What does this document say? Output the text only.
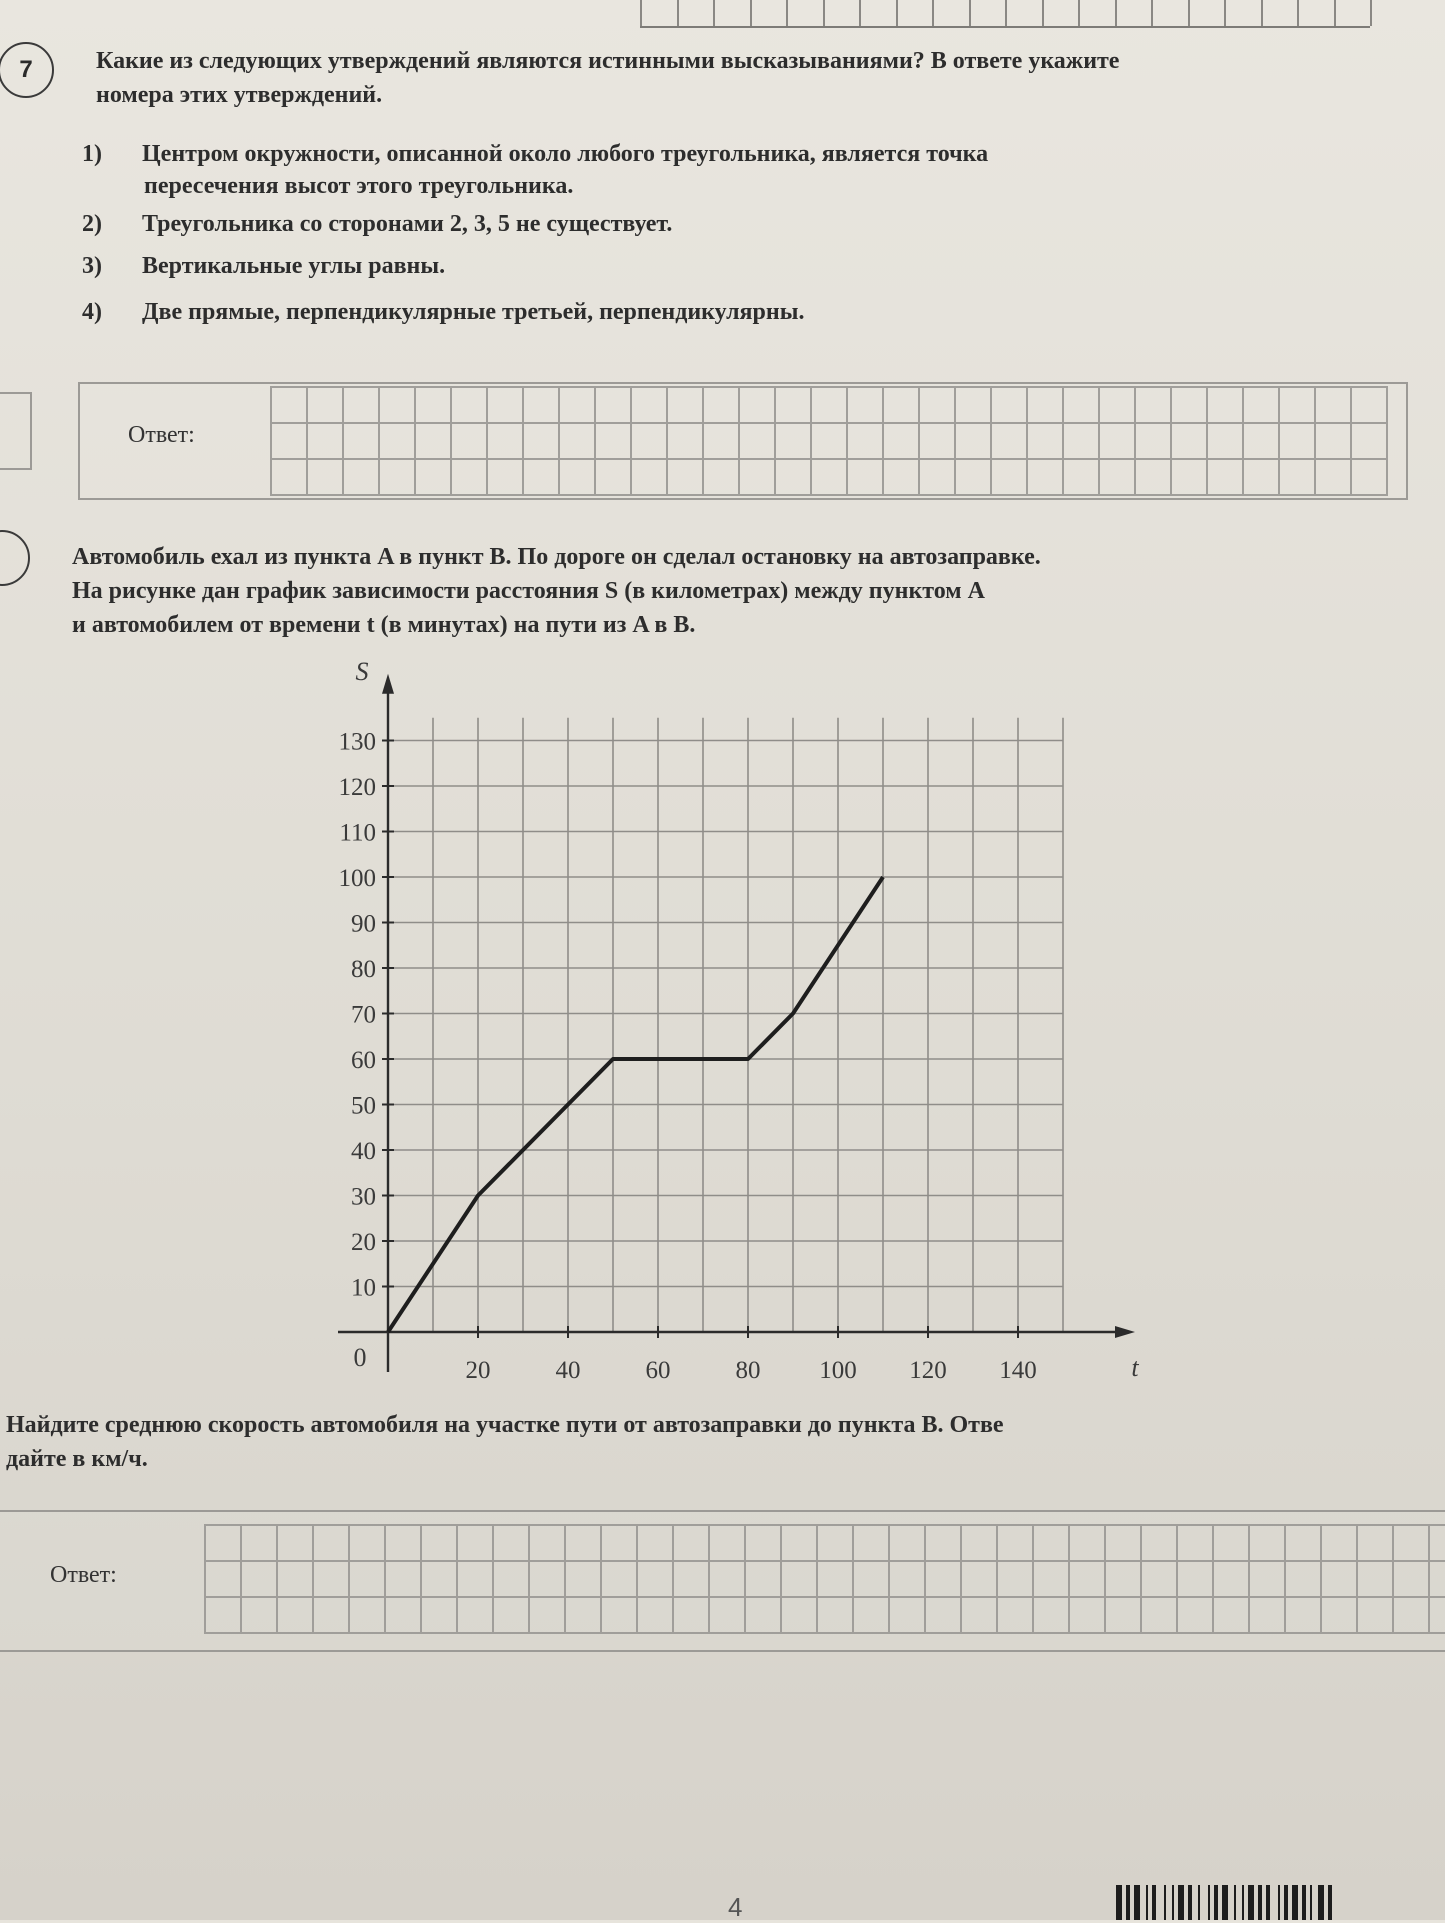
7	Какие из следующих утверждений являются истинными высказываниями? В ответе укажите
номера этих утверждений.
1) Центром окружности, описанной около любого треугольника, является точка
пересечения высот этого треугольника.
2) Треугольника со сторонами 2, 3, 5 не существует.
3) Вертикальные углы равны.
4) Две прямые, перпендикулярные третьей, перпендикулярны.
Ответ:
Автомобиль ехал из пункта A в пункт B. По дороге он сделал остановку на автозаправке.
На рисунке дан график зависимости расстояния S (в километрах) между пунктом A
и автомобилем от времени t (в минутах) на пути из A в B.
20	40	60	80 100 120 140
10
20
30
40
50
60
70
80
90
100
110
120
130
0	t
S
Найдите среднюю скорость автомобиля на участке пути от автозаправки до пункта B. Отве
дайте в км/ч.
Ответ:
4
